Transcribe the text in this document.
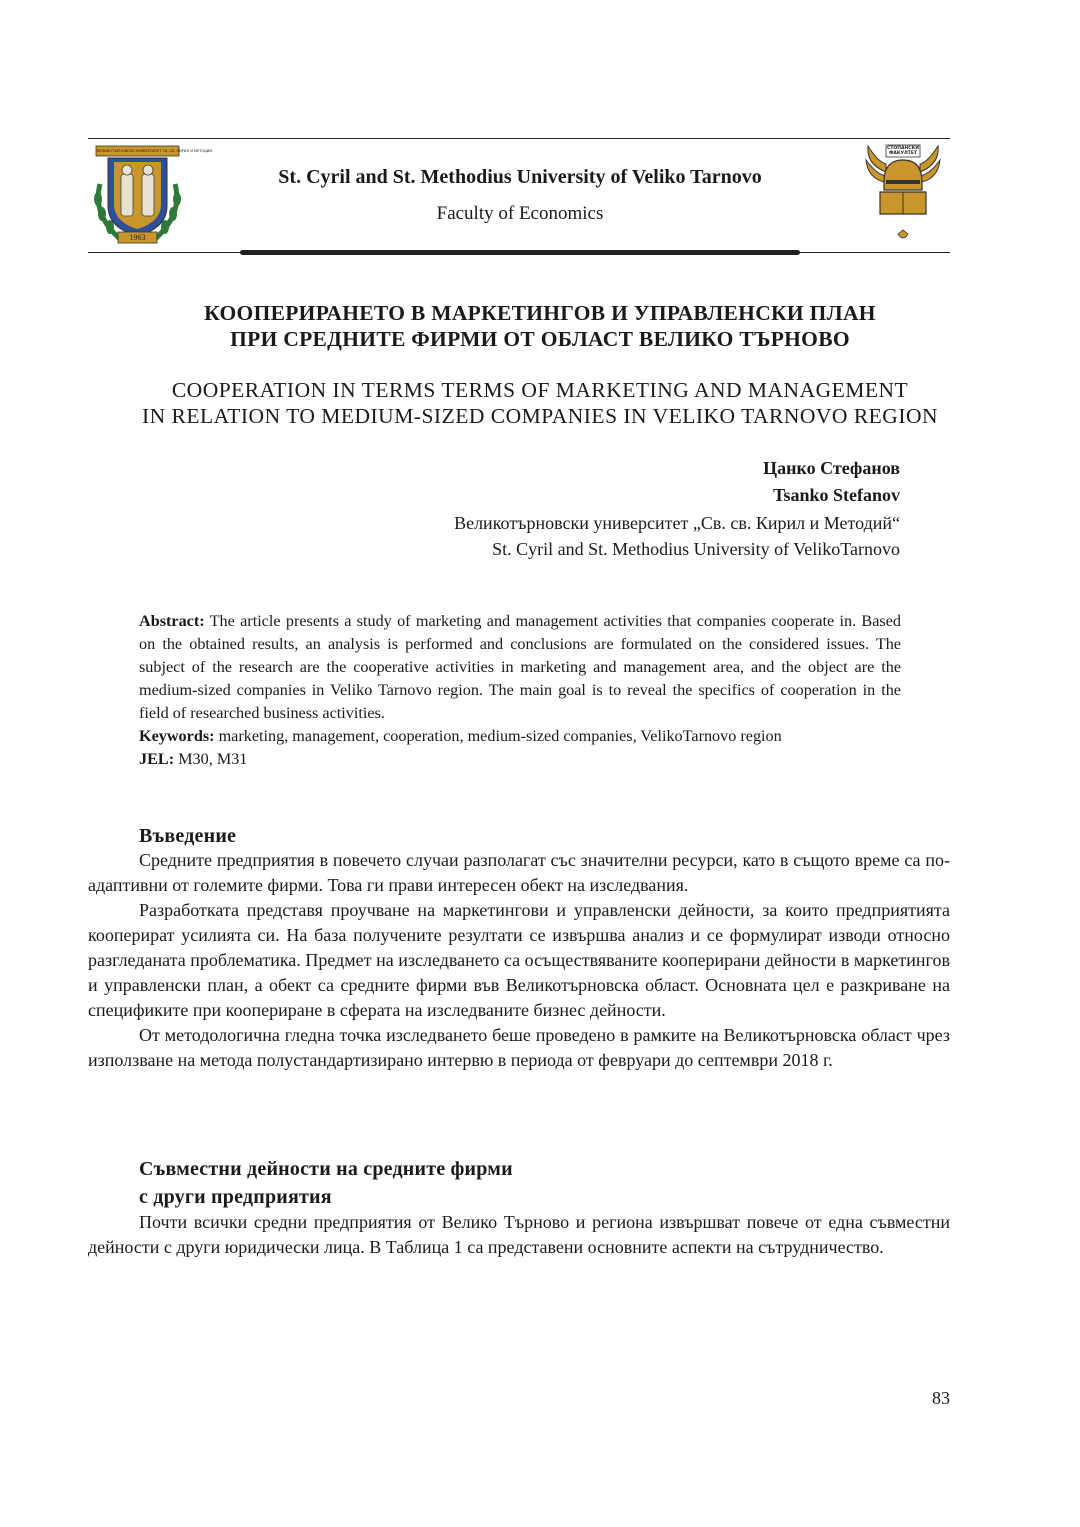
ВЕЛИКОТЪРНОВСКИ УНИВЕРСИТЕТ СВ. СВ. КИРИЛ И МЕТОДИЙ
1963
St. Cyril and St. Methodius University of Veliko Tarnovo
Faculty of Economics
СТОПАНСКИ ФАКУЛТЕТ
КООПЕРИРАНЕТО В МАРКЕТИНГОВ И УПРАВЛЕНСКИ ПЛАН
ПРИ СРЕДНИТЕ ФИРМИ ОТ ОБЛАСТ ВЕЛИКО ТЪРНОВО
COOPERATION IN TERMS TERMS OF MARKETING AND MANAGEMENT
IN RELATION TO MEDIUM-SIZED COMPANIES IN VELIKO TARNOVO REGION
Цанко Стефанов
Tsanko Stefanov
Великотърновски университет „Св. св. Кирил и Методий“
St. Cyril and St. Methodius University of VelikoTarnovo

Abstract: The article presents a study of marketing and management activities that companies cooperate in. Based on the obtained results, an analysis is performed and conclusions are formulated on the considered issues. The subject of the research are the cooperative activities in marketing and management area, and the object are the medium-sized companies in Veliko Tarnovo region. The main goal is to reveal the specifics of cooperation in the field of researched business activities.

Keywords: marketing, management, cooperation, medium-sized companies, VelikoTarnovo region

JEL: M30, M31

Въведение

Средните предприятия в повечето случаи разполагат със значителни ресурси, като в същото време са по-адаптивни от големите фирми. Това ги прави интересен обект на изследвания.

Разработката представя проучване на маркетингови и управленски дейности, за които предприятията коопeрират усилията си. На база получените резултати се извършва анализ и се формулират изводи относно разгледаната проблематика. Предмет на изследването са осъществяваните кооперирани дейности в маркетингов и управленски план, а обект са средните фирми във Великотърновска област. Основната цел е разкриване на спецификите при коопериране в сферата на изследваните бизнес дейности.

От методологична гледна точка изследването беше проведено в рамките на Великотърновска област чрез използване на метода полустандартизирано интервю в периода от февруари до септември 2018 г.

Съвместни дейности на средните фирми
с други предприятия

Почти всички средни предприятия от Велико Търново и региона извършват повече от една съвместни дейности с други юридически лица. В Таблица 1 са представени основните аспекти на сътрудничество.

83
